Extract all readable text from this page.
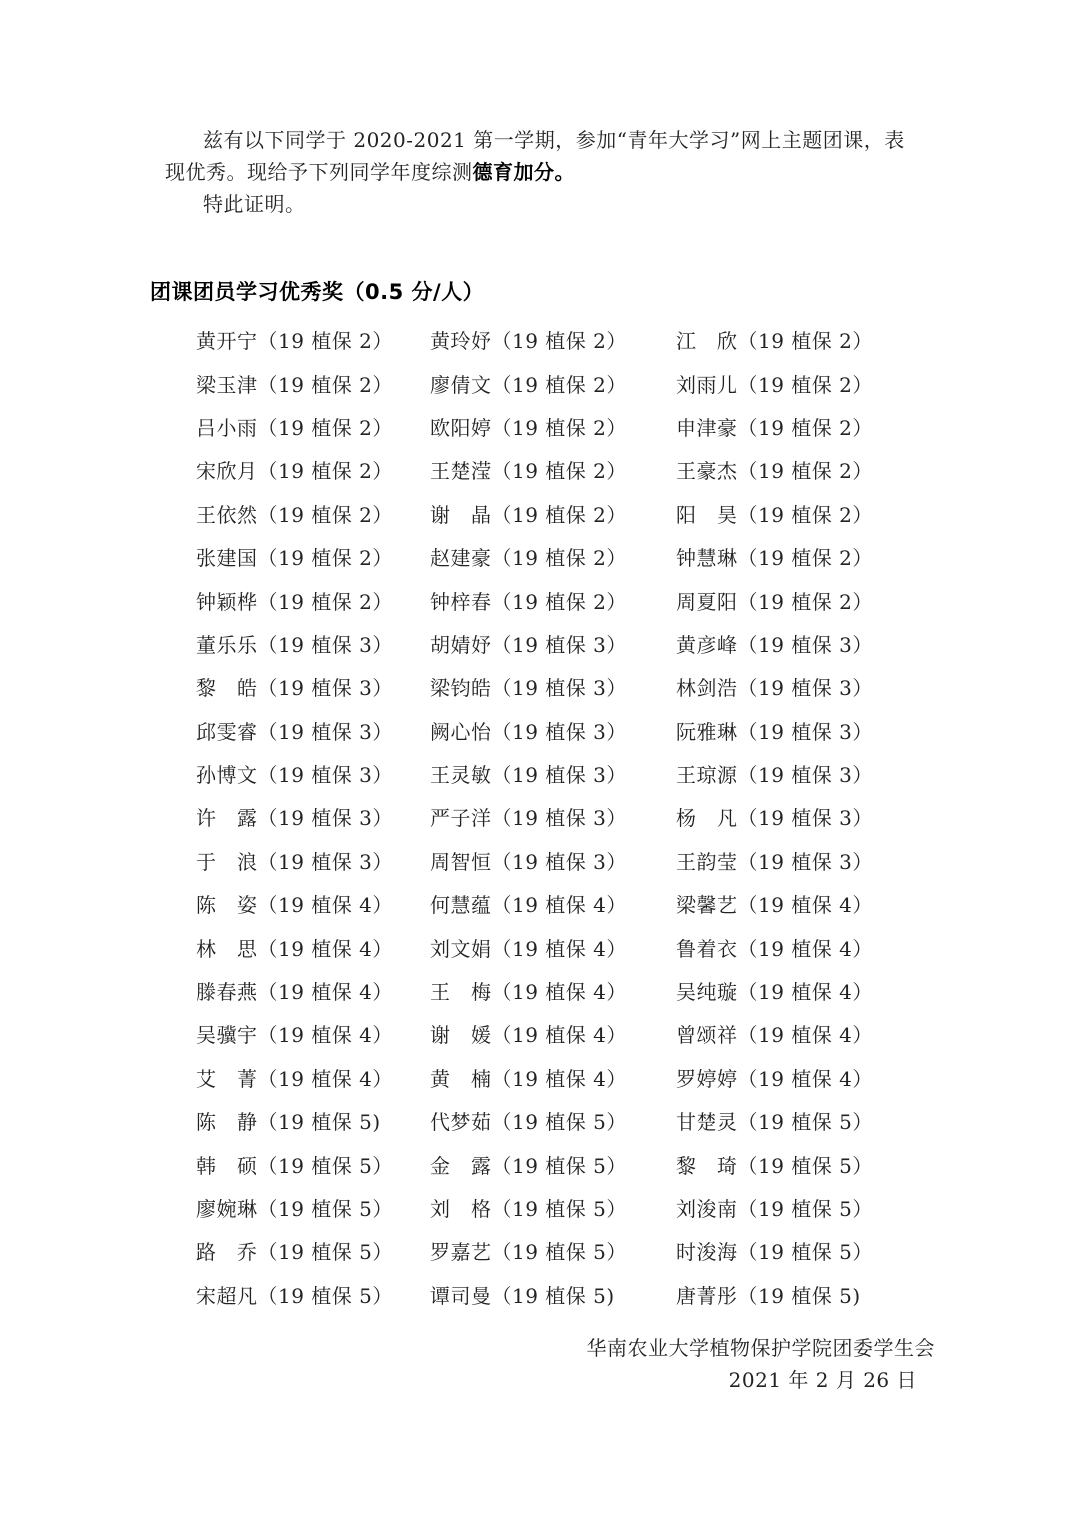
兹有以下同学于 2020-2021 第一学期，参加“青年大学习”网上主题团课，表现优秀。现给予下列同学年度综测德育加分。
特此证明。
团课团员学习优秀奖（0.5 分/人）
黄开宁（19 植保 2）	黄玲妤（19 植保 2）	江　欣（19 植保 2）
梁玉津（19 植保 2）	廖倩文（19 植保 2）	刘雨儿（19 植保 2）
吕小雨（19 植保 2）	欧阳婷（19 植保 2）	申津豪（19 植保 2）
宋欣月（19 植保 2）	王楚滢（19 植保 2）	王豪杰（19 植保 2）
王依然（19 植保 2）	谢　晶（19 植保 2）	阳　昊（19 植保 2）
张建国（19 植保 2）	赵建豪（19 植保 2）	钟慧琳（19 植保 2）
钟颖桦（19 植保 2）	钟梓春（19 植保 2）	周夏阳（19 植保 2）
董乐乐（19 植保 3）	胡婧妤（19 植保 3）	黄彦峰（19 植保 3）
黎　皓（19 植保 3）	梁钧皓（19 植保 3）	林剑浩（19 植保 3）
邱雯睿（19 植保 3）	阙心怡（19 植保 3）	阮雅琳（19 植保 3）
孙博文（19 植保 3）	王灵敏（19 植保 3）	王琼源（19 植保 3）
许　露（19 植保 3）	严子洋（19 植保 3）	杨　凡（19 植保 3）
于　浪（19 植保 3）	周智恒（19 植保 3）	王韵莹（19 植保 3）
陈　姿（19 植保 4）	何慧蕴（19 植保 4）	梁馨艺（19 植保 4）
林　思（19 植保 4）	刘文娟（19 植保 4）	鲁着衣（19 植保 4）
滕春燕（19 植保 4）	王　梅（19 植保 4）	吴纯璇（19 植保 4）
吴骥宇（19 植保 4）	谢　媛（19 植保 4）	曾颂祥（19 植保 4）
艾　菁（19 植保 4）	黄　楠（19 植保 4）	罗婷婷（19 植保 4）
陈　静（19 植保 5)	代梦茹（19 植保 5）	甘楚灵（19 植保 5）
韩　硕（19 植保 5）	金　露（19 植保 5）	黎　琦（19 植保 5）
廖婉琳（19 植保 5）	刘　格（19 植保 5）	刘浚南（19 植保 5）
路　乔（19 植保 5）	罗嘉艺（19 植保 5）	时浚海（19 植保 5）
宋超凡（19 植保 5）	谭司曼（19 植保 5)	唐菁彤（19 植保 5)
华南农业大学植物保护学院团委学生会
2021 年 2 月 26 日
